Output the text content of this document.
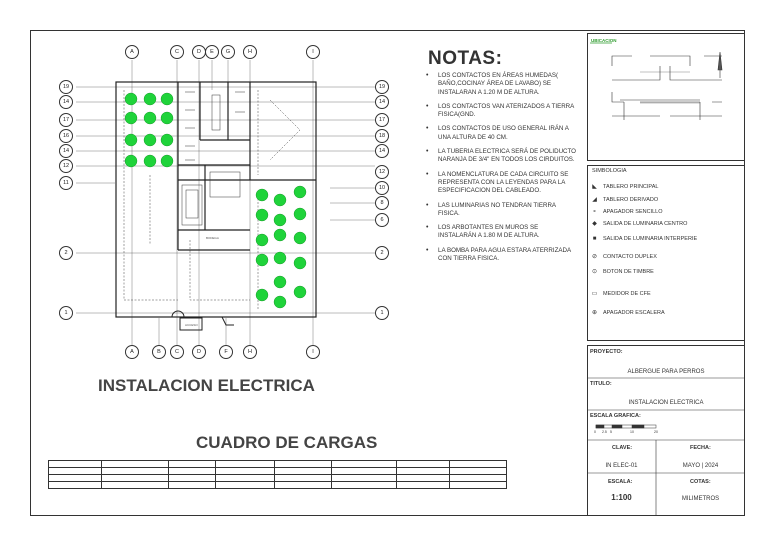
BODEGA
ACCESO
NOTAS:
• LOS CONTACTOS EN ÁREAS HUMEDAS( BAÑO,COCINAY ÁREA DE LAVABO) SE INSTALARAN A 1.20 M DE ALTURA.
• LOS CONTACTOS VAN ATERIZADOS A TIERRA FISICA(GND.
• LOS CONTACTOS DE USO GENERAL IRÁN A UNA ALTURA DE 40 CM.
• LA TUBERIA ELECTRICA SERÁ DE POLIDUCTO NARANJA DE 3/4" EN TODOS LOS CIRDUITOS.
• LA NOMENCLATURA DE CADA CIRCUITO SE REPRESENTA CON LA LEYENDAS PARA LA ESPECIFICACION DEL CABLEADO.
• LAS LUMINARIAS NO TENDRAN TIERRA FISICA.
• LOS ARBOTANTES EN MUROS SE INSTALARÁN A 1.80 M DE ALTURA.
• LA BOMBA PARA AGUA ESTARA ATERRIZADA CON TIERRA FISICA.
INSTALACION ELECTRICA
CUADRO DE CARGAS

UBICACION
SIMBOLOGIA
PROYECTO:
ALBERGUE PARA PERROS
TITULO:
INSTALACION ELECTRICA
ESCALA GRAFICA:
CLAVE:
IN ELEC-01
FECHA:
MAYO | 2024
ESCALA:
1:100
COTAS:
MILIMETROS
A	C	D	E	G	H	I
A	B	C	D	F	H	I
19
14
17
16
14
12
11
2
1
19
14
17
18
14
12
10
8
6
2
1
◣	TABLERO PRINCIPAL
◢	TABLERO DERIVADO
∘	APAGADOR SENCILLO
◆	SALIDA DE LUMINARIA CENTRO
■	SALIDA DE LUMINARIA INTERPERIE
⊘	CONTACTO DUPLEX
⊙	BOTON DE TIMBRE
▭	MEDIDOR DE CFE
⊕	APAGADOR ESCALERA
0 2.5 5	10	20
